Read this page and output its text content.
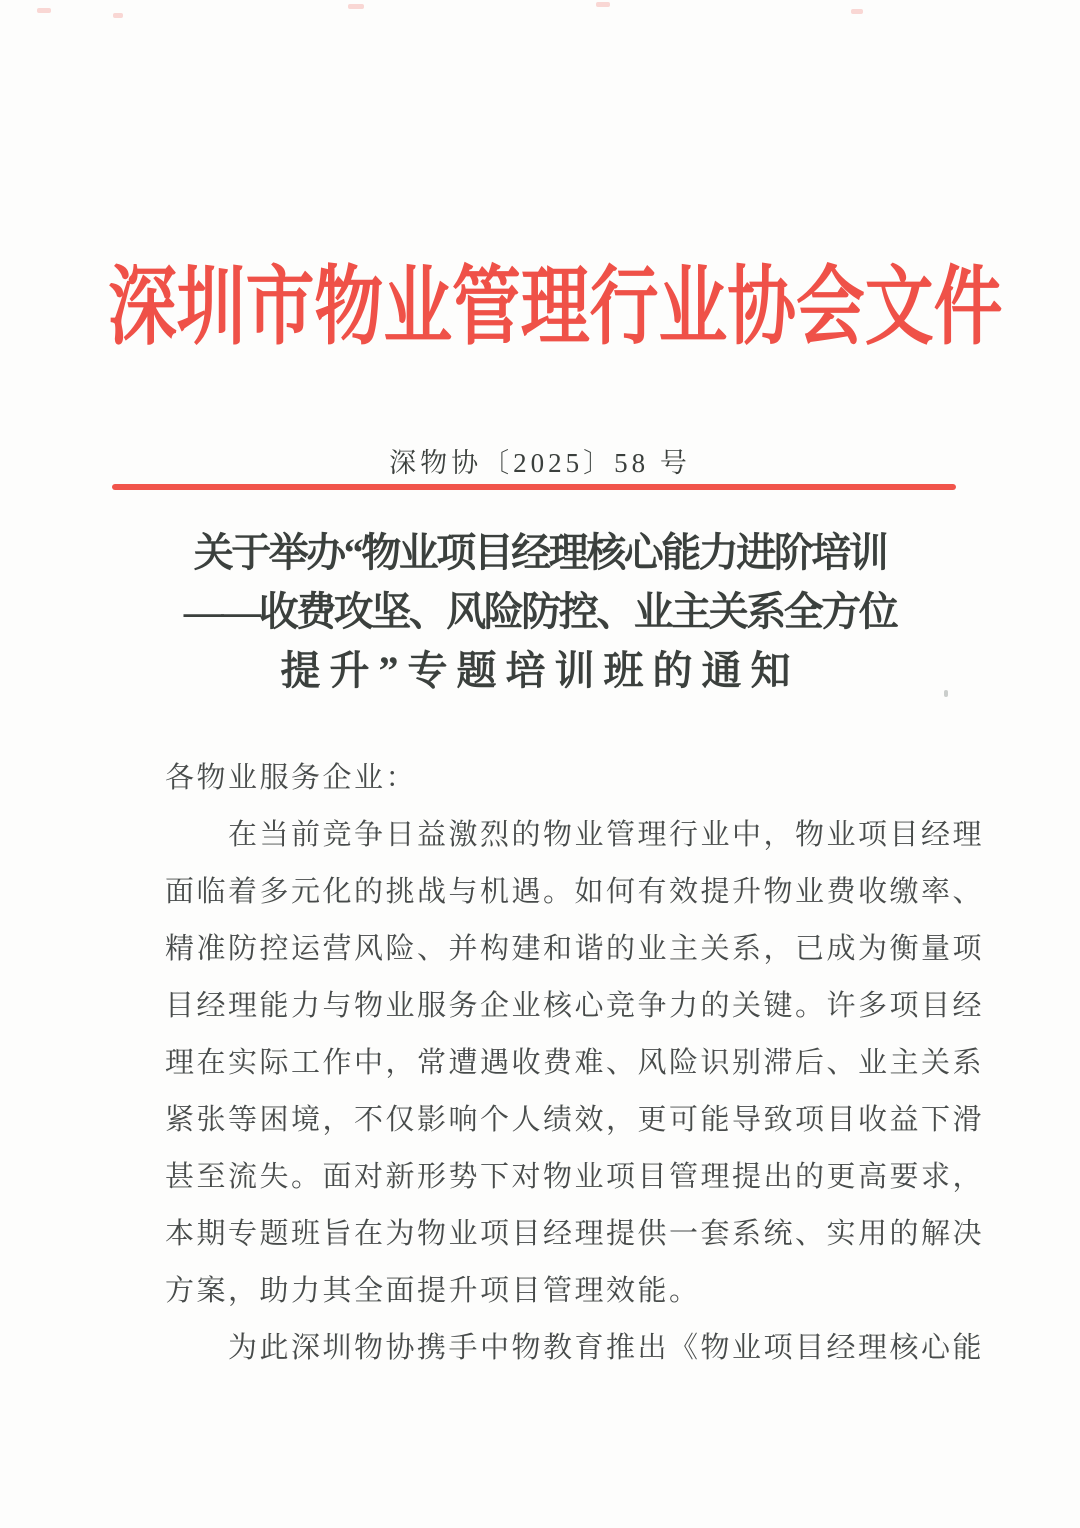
深圳市物业管理行业协会文件
深物协〔2025〕58 号
关于举办“物业项目经理核心能力进阶培训
——收费攻坚、风险防控、业主关系全方位
提升”专题培训班的通知
各物业服务企业：
在当前竞争日益激烈的物业管理行业中，物业项目经理
面临着多元化的挑战与机遇。如何有效提升物业费收缴率、
精准防控运营风险、并构建和谐的业主关系，已成为衡量项
目经理能力与物业服务企业核心竞争力的关键。许多项目经
理在实际工作中，常遭遇收费难、风险识别滞后、业主关系
紧张等困境，不仅影响个人绩效，更可能导致项目收益下滑
甚至流失。面对新形势下对物业项目管理提出的更高要求，
本期专题班旨在为物业项目经理提供一套系统、实用的解决
方案，助力其全面提升项目管理效能。
为此深圳物协携手中物教育推出《物业项目经理核心能
